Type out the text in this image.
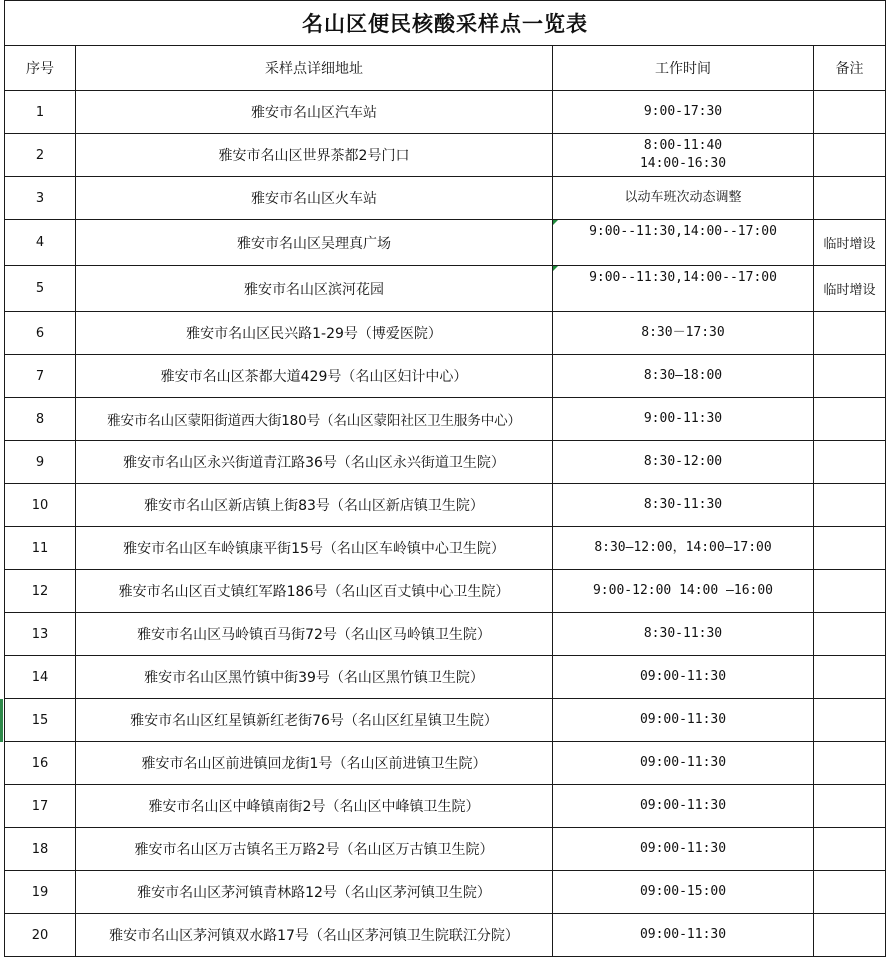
名山区便民核酸采样点一览表			
序号	采样点详细地址	工作时间	备注
1	雅安市名山区汽车站	9:00-17:30	

2	雅安市名山区世界茶都2号门口	8:00-11:40
14:00-16:30	

3	雅安市名山区火车站	以动车班次动态调整	

4	雅安市名山区吴理真广场	9:00--11:30,14:00--17:00	临时增设
5	雅安市名山区滨河花园	9:00--11:30,14:00--17:00	临时增设
6	雅安市名山区民兴路1-29号（博爱医院）	8:30－17:30	

7	雅安市名山区茶都大道429号（名山区妇计中心）	8:30—18:00	

8	雅安市名山区蒙阳街道西大街180号（名山区蒙阳社区卫生服务中心）	9:00-11:30	

9	雅安市名山区永兴街道青江路36号（名山区永兴街道卫生院）	8:30-12:00	

10	雅安市名山区新店镇上街83号（名山区新店镇卫生院）	8:30-11:30	

11	雅安市名山区车岭镇康平街15号（名山区车岭镇中心卫生院）	8:30—12:00，14:00—17:00	

12	雅安市名山区百丈镇红军路186号（名山区百丈镇中心卫生院）	9:00-12:00 14:00 —16:00	

13	雅安市名山区马岭镇百马街72号（名山区马岭镇卫生院）	8:30-11:30	

14	雅安市名山区黑竹镇中街39号（名山区黑竹镇卫生院）	09:00-11:30	

15	雅安市名山区红星镇新红老街76号（名山区红星镇卫生院）	09:00-11:30	

16	雅安市名山区前进镇回龙街1号（名山区前进镇卫生院）	09:00-11:30	

17	雅安市名山区中峰镇南街2号（名山区中峰镇卫生院）	09:00-11:30	

18	雅安市名山区万古镇名王万路2号（名山区万古镇卫生院）	09:00-11:30	

19	雅安市名山区茅河镇青林路12号（名山区茅河镇卫生院）	09:00-15:00	

20	雅安市名山区茅河镇双水路17号（名山区茅河镇卫生院联江分院）	09:00-11:30	
